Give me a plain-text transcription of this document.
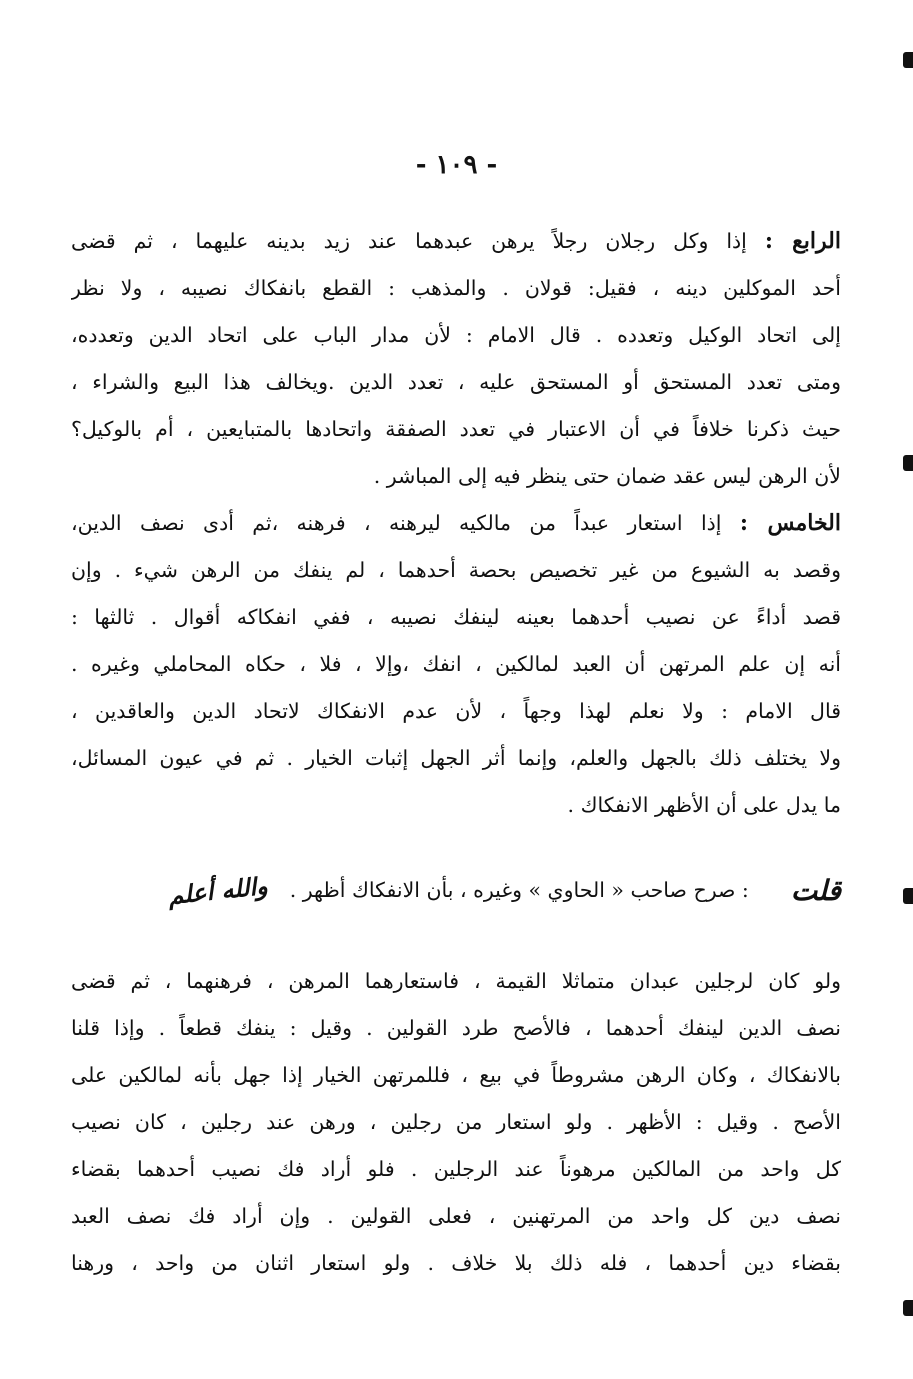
- ١٠٩ -
الرابع : إذا وكل رجلان رجلاً يرهن عبدهما عند زيد بدينه عليهما ، ثم قضى
أحد الموكلين دينه ، فقيل: قولان . والمذهب : القطع بانفكاك نصيبه ، ولا نظر
إلى اتحاد الوكيل وتعدده . قال الامام : لأن مدار الباب على اتحاد الدين وتعدده،
ومتى تعدد المستحق أو المستحق عليه ، تعدد الدين .ويخالف هذا البيع والشراء ،
حيث ذكرنا خلافاً في أن الاعتبار في تعدد الصفقة واتحادها بالمتبايعين ، أم بالوكيل؟
لأن الرهن ليس عقد ضمان حتى ينظر فيه إلى المباشر .
الخامس : إذا استعار عبداً من مالكيه ليرهنه ، فرهنه ،ثم أدى نصف الدين،
وقصد به الشيوع من غير تخصيص بحصة أحدهما ، لم ينفك من الرهن شيء . وإن
قصد أداءً عن نصيب أحدهما بعينه لينفك نصيبه ، ففي انفكاكه أقوال . ثالثها :
أنه إن علم المرتهن أن العبد لمالكين ، انفك ،وإلا ، فلا ، حكاه المحاملي وغيره .
قال الامام : ولا نعلم لهذا وجهاً ، لأن عدم الانفكاك لاتحاد الدين والعاقدين ،
ولا يختلف ذلك بالجهل والعلم، وإنما أثر الجهل إثبات الخيار . ثم في عيون المسائل،
ما يدل على أن الأظهر الانفكاك .
قلت
: صرح صاحب « الحاوي » وغيره ، بأن الانفكاك أظهر .
والله أعلم
ولو كان لرجلين عبدان متماثلا القيمة ، فاستعارهما المرهن ، فرهنهما ، ثم قضى
نصف الدين لينفك أحدهما ، فالأصح طرد القولين . وقيل : ينفك قطعاً . وإذا قلنا
بالانفكاك ، وكان الرهن مشروطاً في بيع ، فللمرتهن الخيار إذا جهل بأنه لمالكين على
الأصح . وقيل : الأظهر . ولو استعار من رجلين ، ورهن عند رجلين ، كان نصيب
كل واحد من المالكين مرهوناً عند الرجلين . فلو أراد فك نصيب أحدهما بقضاء
نصف دين كل واحد من المرتهنين ، فعلى القولين . وإن أراد فك نصف العبد
بقضاء دين أحدهما ، فله ذلك بلا خلاف . ولو استعار اثنان من واحد ، ورهنا
